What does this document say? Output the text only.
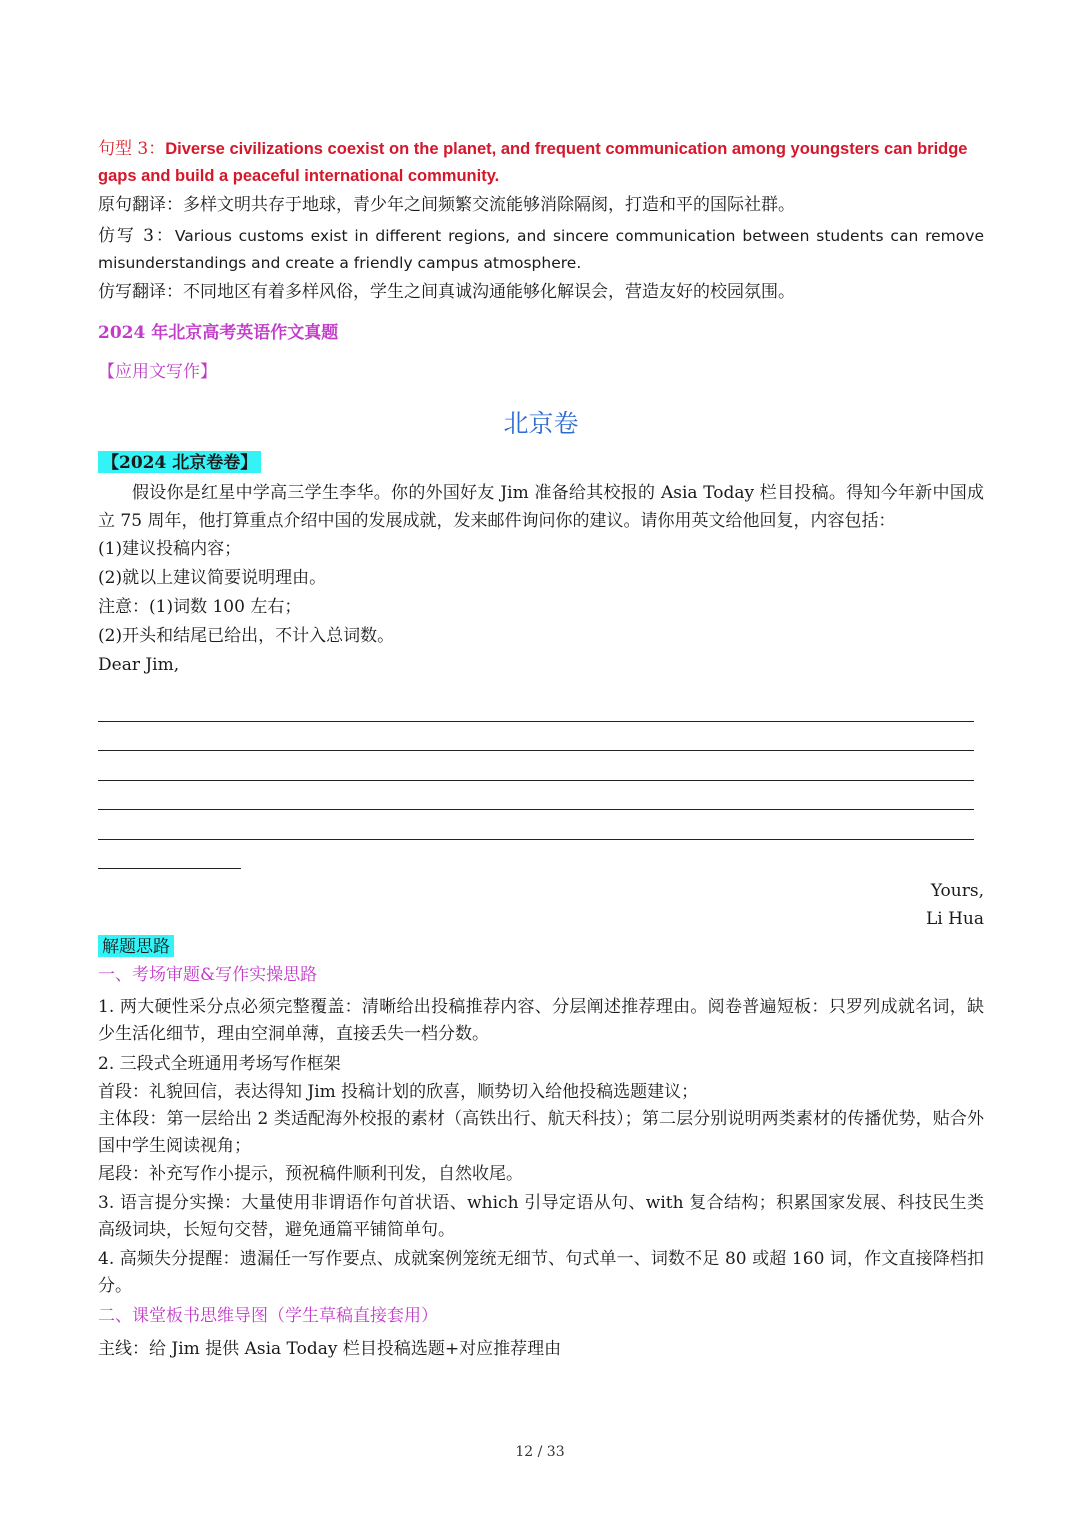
句型 3：Diverse civilizations coexist on the planet, and frequent communication among youngsters can bridge gaps and build a peaceful international community.

原句翻译：多样文明共存于地球，青少年之间频繁交流能够消除隔阂，打造和平的国际社群。

仿写 3：Various customs exist in different regions, and sincere communication between students can remove misunderstandings and create a friendly campus atmosphere.

仿写翻译：不同地区有着多样风俗，学生之间真诚沟通能够化解误会，营造友好的校园氛围。

2024 年北京高考英语作文真题

【应用文写作】

北京卷

【2024 北京卷卷】

假设你是红星中学高三学生李华。你的外国好友 Jim 准备给其校报的 Asia Today 栏目投稿。得知今年新中国成立 75 周年，他打算重点介绍中国的发展成就，发来邮件询问你的建议。请你用英文给他回复，内容包括：

(1)建议投稿内容；

(2)就以上建议简要说明理由。

注意：(1)词数 100 左右；

(2)开头和结尾已给出，不计入总词数。

Dear Jim,

Yours,

Li Hua

解题思路

一、考场审题&写作实操思路

1. 两大硬性采分点必须完整覆盖：清晰给出投稿推荐内容、分层阐述推荐理由。阅卷普遍短板：只罗列成就名词，缺少生活化细节，理由空洞单薄，直接丢失一档分数。

2. 三段式全班通用考场写作框架

首段：礼貌回信，表达得知 Jim 投稿计划的欣喜，顺势切入给他投稿选题建议；

主体段：第一层给出 2 类适配海外校报的素材（高铁出行、航天科技）；第二层分别说明两类素材的传播优势，贴合外国中学生阅读视角；

尾段：补充写作小提示，预祝稿件顺利刊发，自然收尾。

3. 语言提分实操：大量使用非谓语作句首状语、which 引导定语从句、with 复合结构；积累国家发展、科技民生类高级词块，长短句交替，避免通篇平铺简单句。

4. 高频失分提醒：遗漏任一写作要点、成就案例笼统无细节、句式单一、词数不足 80 或超 160 词，作文直接降档扣分。

二、课堂板书思维导图（学生草稿直接套用）

主线：给 Jim 提供 Asia Today 栏目投稿选题+对应推荐理由

12 / 33
